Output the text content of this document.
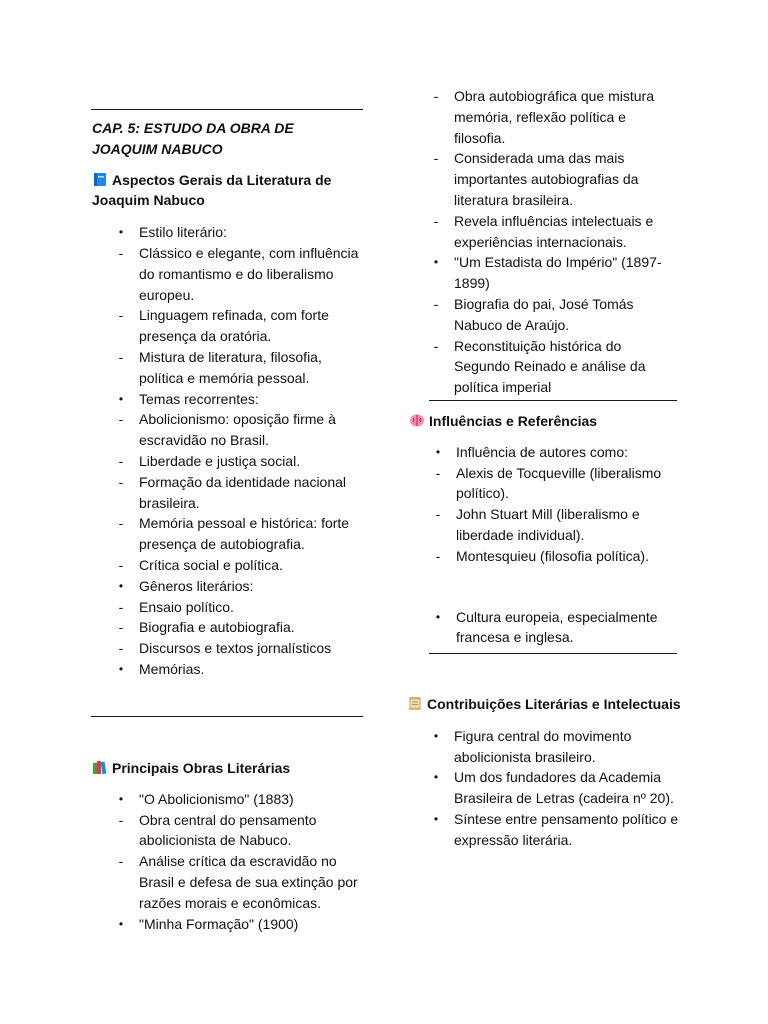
CAP. 5: ESTUDO DA OBRA DE
JOAQUIM NABUCO
Aspectos Gerais da Literatura de Joaquim Nabuco
•	Estilo literário:
-	Clássico e elegante, com influência do romantismo e do liberalismo europeu.
-	Linguagem refinada, com forte presença da oratória.
-	Mistura de literatura, filosofia, política e memória pessoal.
•	Temas recorrentes:
-	Abolicionismo: oposição firme à escravidão no Brasil.
-	Liberdade e justiça social.
-	Formação da identidade nacional brasileira.
-	Memória pessoal e histórica: forte presença de autobiografia.
-	Crítica social e política.
•	Gêneros literários:
-	Ensaio político.
-	Biografia e autobiografia.
-	Discursos e textos jornalísticos
•	Memórias.
Principais Obras Literárias
•	"O Abolicionismo" (1883)
-	Obra central do pensamento abolicionista de Nabuco.
-	Análise crítica da escravidão no Brasil e defesa de sua extinção por razões morais e econômicas.
•	"Minha Formação" (1900)
-	Obra autobiográfica que mistura memória, reflexão política e filosofia.
-	Considerada uma das mais importantes autobiografias da literatura brasileira.
-	Revela influências intelectuais e experiências internacionais.
•	"Um Estadista do Império" (1897-1899)
-	Biografia do pai, José Tomás Nabuco de Araújo.
-	Reconstituição histórica do Segundo Reinado e análise da política imperial
Influências e Referências
•	Influência de autores como:
-	Alexis de Tocqueville (liberalismo político).
-	John Stuart Mill (liberalismo e liberdade individual).
-	Montesquieu (filosofia política).
•	Cultura europeia, especialmente francesa e inglesa.
Contribuições Literárias e Intelectuais
•	Figura central do movimento abolicionista brasileiro.
•	Um dos fundadores da Academia Brasileira de Letras (cadeira nº 20).
•	Síntese entre pensamento político e expressão literária.
